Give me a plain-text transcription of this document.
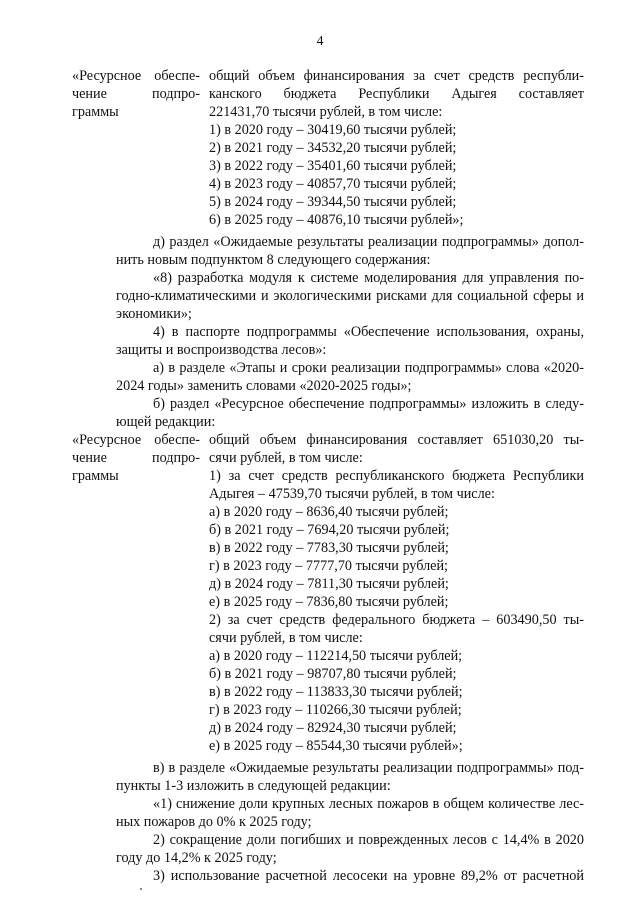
4
«Ресурсное обеспе-
чение подпро-
граммы
общий объем финансирования за счет средств республи-
канского бюджета Республики Адыгея составляет
221431,70 тысячи рублей, в том числе:
1) в 2020 году – 30419,60 тысячи рублей;
2) в 2021 году – 34532,20 тысячи рублей;
3) в 2022 году – 35401,60 тысячи рублей;
4) в 2023 году – 40857,70 тысячи рублей;
5) в 2024 году – 39344,50 тысячи рублей;
6) в 2025 году – 40876,10 тысячи рублей»;
д) раздел «Ожидаемые результаты реализации подпрограммы» допол-
нить новым подпунктом 8 следующего содержания:
«8) разработка модуля к системе моделирования для управления по-
годно-климатическими и экологическими рисками для социальной сферы и
экономики»;
4) в паспорте подпрограммы «Обеспечение использования, охраны,
защиты и воспроизводства лесов»:
а) в разделе «Этапы и сроки реализации подпрограммы» слова «2020-
2024 годы» заменить словами «2020-2025 годы»;
б) раздел «Ресурсное обеспечение подпрограммы» изложить в следу-
ющей редакции:
«Ресурсное обеспе-
чение подпро-
граммы
общий объем финансирования составляет 651030,20 ты-
сячи рублей, в том числе:
1) за счет средств республиканского бюджета Республики
Адыгея – 47539,70 тысячи рублей, в том числе:
а) в 2020 году – 8636,40 тысячи рублей;
б) в 2021 году – 7694,20 тысячи рублей;
в) в 2022 году – 7783,30 тысячи рублей;
г) в 2023 году – 7777,70 тысячи рублей;
д) в 2024 году – 7811,30 тысячи рублей;
е) в 2025 году – 7836,80 тысячи рублей;
2) за счет средств федерального бюджета – 603490,50 ты-
сячи рублей, в том числе:
а) в 2020 году – 112214,50 тысячи рублей;
б) в 2021 году – 98707,80 тысячи рублей;
в) в 2022 году – 113833,30 тысячи рублей;
г) в 2023 году – 110266,30 тысячи рублей;
д) в 2024 году – 82924,30 тысячи рублей;
е) в 2025 году – 85544,30 тысячи рублей»;
в) в разделе «Ожидаемые результаты реализации подпрограммы» под-
пункты 1-3 изложить в следующей редакции:
«1) снижение доли крупных лесных пожаров в общем количестве лес-
ных пожаров до 0% к 2025 году;
2) сокращение доли погибших и поврежденных лесов с 14,4% в 2020
году до 14,2% к 2025 году;
3) использование расчетной лесосеки на уровне 89,2% от расчетной
